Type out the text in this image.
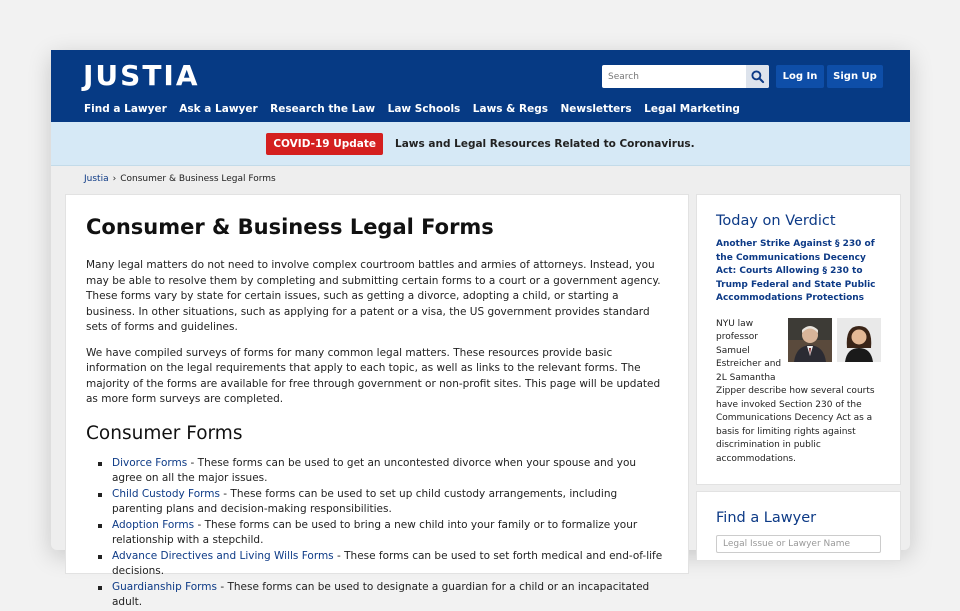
JUSTIA	Search	Log In	Sign Up
Find a Lawyer Ask a Lawyer Research the Law Law Schools Laws & Regs Newsletters Legal Marketing
COVID-19 Update	Laws and Legal Resources Related to Coronavirus.
Justia › Consumer & Business Legal Forms
Consumer & Business Legal Forms

Many legal matters do not need to involve complex courtroom battles and armies of attorneys. Instead, you may be able to resolve them by completing and submitting certain forms to a court or a government agency. These forms vary by state for certain issues, such as getting a divorce, adopting a child, or starting a business. In other situations, such as applying for a patent or a visa, the US government provides standard sets of forms and guidelines.

We have compiled surveys of forms for many common legal matters. These resources provide basic information on the legal requirements that apply to each topic, as well as links to the relevant forms. The majority of the forms are available for free through government or non-profit sites. This page will be updated as more form surveys are completed.

Consumer Forms
Divorce Forms - These forms can be used to get an uncontested divorce when your spouse and you agree on all the major issues.
Child Custody Forms - These forms can be used to set up child custody arrangements, including parenting plans and decision-making responsibilities.
Adoption Forms - These forms can be used to bring a new child into your family or to formalize your relationship with a stepchild.
Advance Directives and Living Wills Forms - These forms can be used to set forth medical and end-of-life decisions.
Guardianship Forms - These forms can be used to designate a guardian for a child or an incapacitated adult.
Today on Verdict
Another Strike Against § 230 of the Communications Decency Act: Courts Allowing § 230 to Trump Federal and State Public Accommodations Protections
NYU law professor Samuel Estreicher and 2L Samantha
Zipper describe how several courts have invoked Section 230 of the Communications Decency Act as a basis for limiting rights against discrimination in public accommodations.
Find a Lawyer
Legal Issue or Lawyer Name
